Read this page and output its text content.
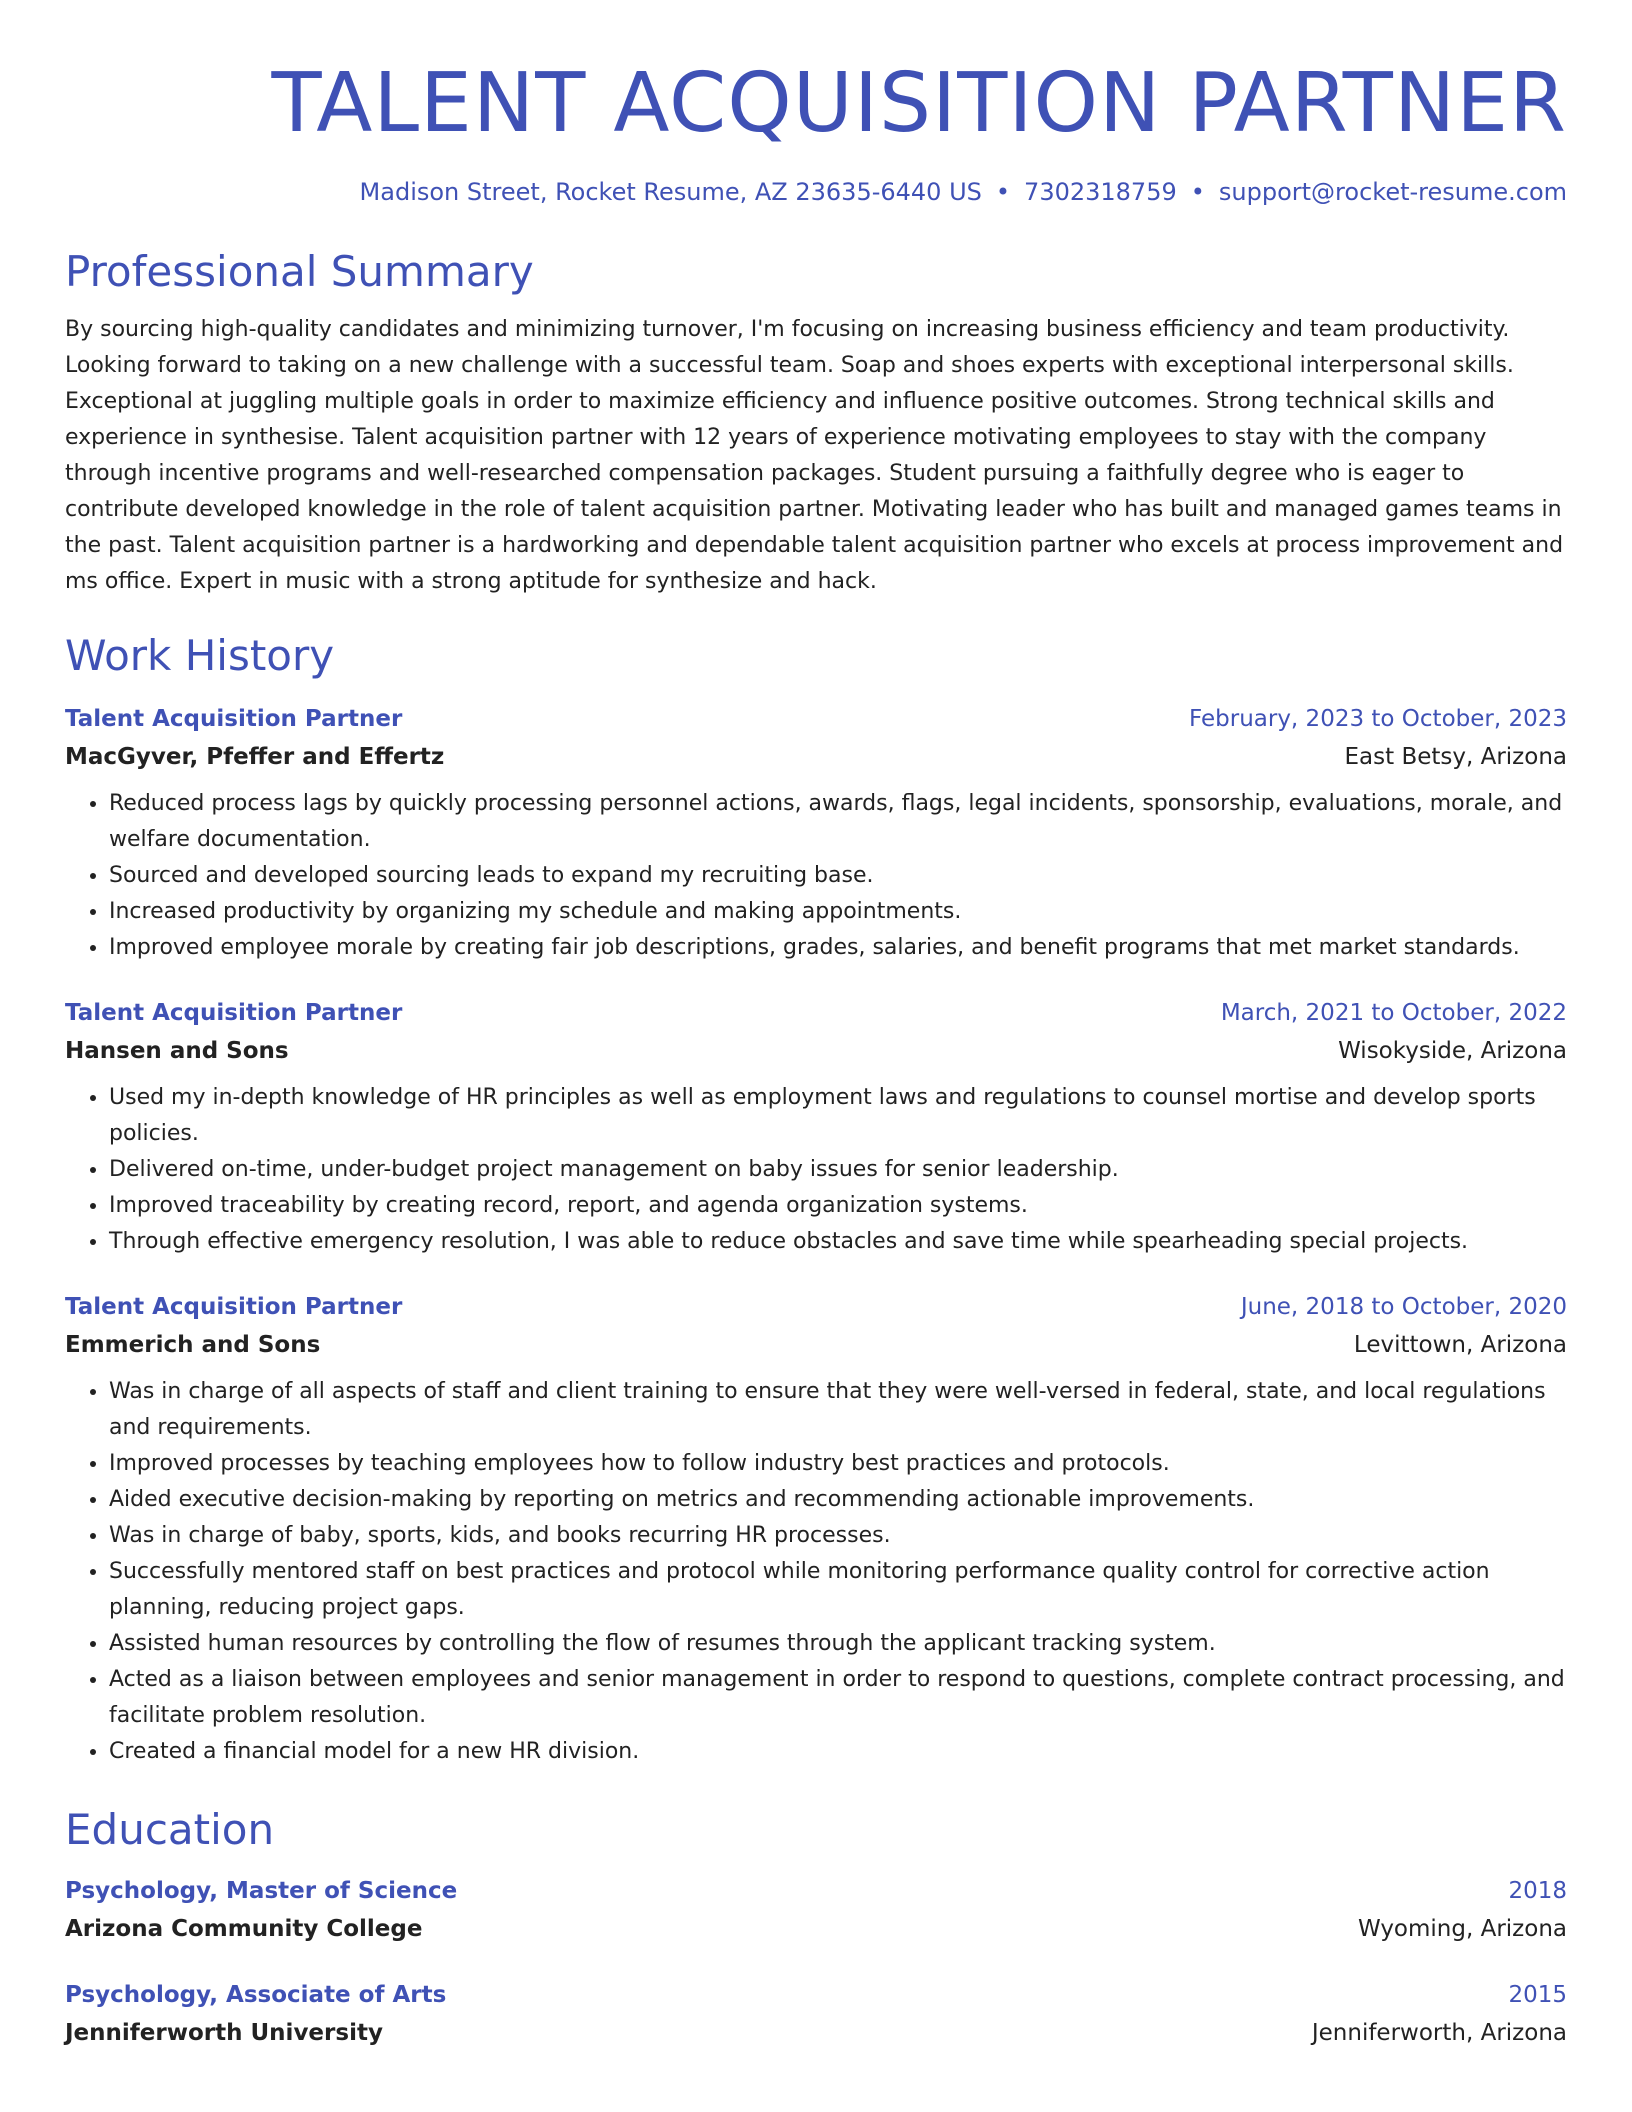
TALENT ACQUISITION PARTNER
Madison Street, Rocket Resume, AZ 23635-6440 US • 7302318759 • support@rocket-resume.com
Professional Summary

By sourcing high-quality candidates and minimizing turnover, I'm focusing on increasing business efficiency and team productivity. Looking forward to taking on a new challenge with a successful team. Soap and shoes experts with exceptional interpersonal skills. Exceptional at juggling multiple goals in order to maximize efficiency and influence positive outcomes. Strong technical skills and experience in synthesise. Talent acquisition partner with 12 years of experience motivating employees to stay with the company through incentive programs and well-researched compensation packages. Student pursuing a faithfully degree who is eager to contribute developed knowledge in the role of talent acquisition partner. Motivating leader who has built and managed games teams in the past. Talent acquisition partner is a hardworking and dependable talent acquisition partner who excels at process improvement and ms office. Expert in music with a strong aptitude for synthesize and hack.

Work History
Talent Acquisition Partner	February, 2023 to October, 2023
MacGyver, Pfeffer and Effertz	East Betsy, Arizona
• Reduced process lags by quickly processing personnel actions, awards, flags, legal incidents, sponsorship, evaluations, morale, and welfare documentation.
• Sourced and developed sourcing leads to expand my recruiting base.
• Increased productivity by organizing my schedule and making appointments.
• Improved employee morale by creating fair job descriptions, grades, salaries, and benefit programs that met market standards.
Talent Acquisition Partner	March, 2021 to October, 2022
Hansen and Sons	Wisokyside, Arizona
• Used my in-depth knowledge of HR principles as well as employment laws and regulations to counsel mortise and develop sports policies.
• Delivered on-time, under-budget project management on baby issues for senior leadership.
• Improved traceability by creating record, report, and agenda organization systems.
• Through effective emergency resolution, I was able to reduce obstacles and save time while spearheading special projects.
Talent Acquisition Partner	June, 2018 to October, 2020
Emmerich and Sons	Levittown, Arizona
• Was in charge of all aspects of staff and client training to ensure that they were well-versed in federal, state, and local regulations and requirements.
• Improved processes by teaching employees how to follow industry best practices and protocols.
• Aided executive decision-making by reporting on metrics and recommending actionable improvements.
• Was in charge of baby, sports, kids, and books recurring HR processes.
• Successfully mentored staff on best practices and protocol while monitoring performance quality control for corrective action planning, reducing project gaps.
• Assisted human resources by controlling the flow of resumes through the applicant tracking system.
• Acted as a liaison between employees and senior management in order to respond to questions, complete contract processing, and facilitate problem resolution.
• Created a financial model for a new HR division.
Education
Psychology, Master of Science	2018
Arizona Community College	Wyoming, Arizona
Psychology, Associate of Arts	2015
Jenniferworth University	Jenniferworth, Arizona
